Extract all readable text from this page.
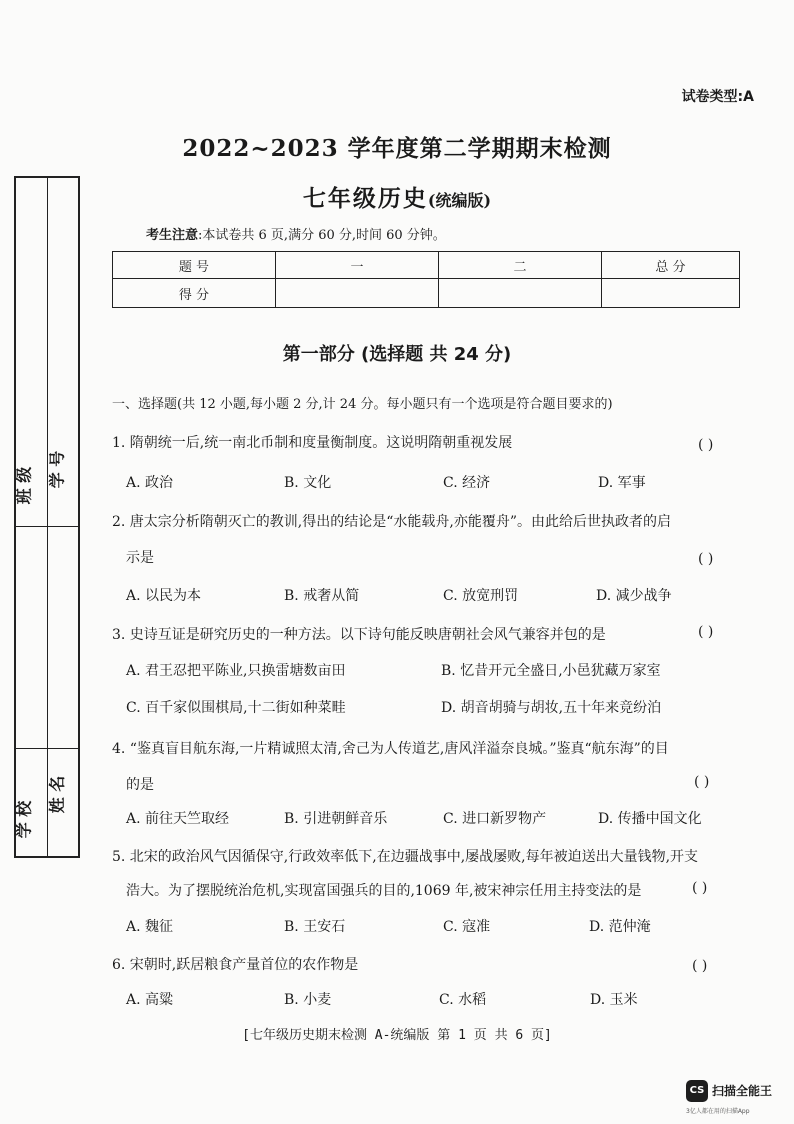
试卷类型:A
2022~2023 学年度第二学期期末检测
七年级历史(统编版)
考生注意:本试卷共 6 页,满分 60 分,时间 60 分钟。
题 号	一	二	总 分
得 分			
班 级 学 号
学 校
姓 名
第一部分 (选择题 共 24 分)
一、选择题(共 12 小题,每小题 2 分,计 24 分。每小题只有一个选项是符合题目要求的)
1. 隋朝统一后,统一南北币制和度量衡制度。这说明隋朝重视发展	( )
A. 政治	B. 文化	C. 经济	D. 军事
2. 唐太宗分析隋朝灭亡的教训,得出的结论是“水能载舟,亦能覆舟”。由此给后世执政者的启
示是	( )
A. 以民为本	B. 戒奢从简	C. 放宽刑罚	D. 减少战争
3. 史诗互证是研究历史的一种方法。以下诗句能反映唐朝社会风气兼容并包的是	( )
A. 君王忍把平陈业,只换雷塘数亩田	B. 忆昔开元全盛日,小邑犹藏万家室
C. 百千家似围棋局,十二街如种菜畦	D. 胡音胡骑与胡妆,五十年来竞纷泊
4. “鉴真盲目航东海,一片精诚照太清,舍己为人传道艺,唐风洋溢奈良城。”鉴真“航东海”的目
的是	( )
A. 前往天竺取经	B. 引进朝鲜音乐	C. 进口新罗物产	D. 传播中国文化
5. 北宋的政治风气因循保守,行政效率低下,在边疆战事中,屡战屡败,每年被迫送出大量钱物,开支
浩大。为了摆脱统治危机,实现富国强兵的目的,1069 年,被宋神宗任用主持变法的是	( )
A. 魏征	B. 王安石	C. 寇准	D. 范仲淹
6. 宋朝时,跃居粮食产量首位的农作物是	( )
A. 高粱	B. 小麦	C. 水稻	D. 玉米
[七年级历史期末检测 A-统编版 第 1 页 共 6 页]
CS 扫描全能王
3亿人都在用的扫描App
